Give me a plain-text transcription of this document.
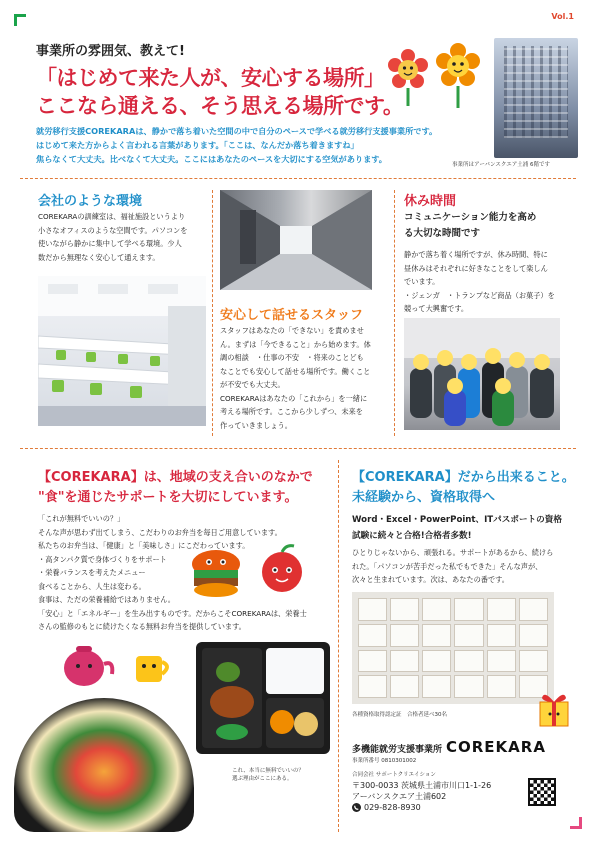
Vol.1
事業所の雰囲気、教えて!
「はじめて来た人が、安心する場所」
ここなら通える、そう思える場所です。

就労移行支援COREKARAは、静かで落ち着いた空間の中で自分のペースで学べる就労移行支援事業所です。

はじめて来た方からよく言われる言葉があります。「ここは、なんだか落ち着きますね」

焦らなくて大丈夫。比べなくて大丈夫。ここにはあなたのペースを大切にする空気があります。

事業所はアーバンスクエア土浦 6階です
会社のような環境

COREKARAの訓練室は、福祉施設というより

小さなオフィスのような空間です。パソコンを

使いながら静かに集中して学べる環境。少人

数だから無理なく安心して通えます。

安心して話せるスタッフ

スタッフはあなたの「できない」を責めませ

ん。まずは「今できること」から始めます。体

調の相談　・仕事の不安　・将来のことども

なことでも安心して話せる場所です。働くこと

が不安でも大丈夫。

COREKARAはあなたの「これから」を一緒に

考える場所です。ここから少しずつ、未来を

作っていきましょう。

休み時間
コミュニケーション能力を高め
る大切な時間です

静かで落ち着く場所ですが、休み時間、特に

昼休みはそれぞれに好きなことをして楽しん

でいます。

・ジェンガ　・トランプなど商品（お菓子）を

競って大興奮です。

【COREKARA】は、地域の支え合いのなかで
"食"を通じたサポートを大切にしています。

「これが無料でいいの？」

そんな声が思わず出てしまう、こだわりのお弁当を毎日ご用意しています。

私たちのお弁当は、「健康」と「美味しさ」にこだわっています。

・高タンパク質で身体づくりをサポート

・栄養バランスを考えたメニュー

食べることから、人生は変わる。

食事は、ただの栄養補給ではありません。

「安心」と「エネルギー」を生み出すものです。だからこそCOREKARAは、栄養士

さんの監修のもとに続けたくなる無料お弁当を提供しています。

これ、本当に無料でいいの？
選ぶ理由がここにある。
【COREKARA】だから出来ること。
未経験から、資格取得へ
Word・Excel・PowerPoint、ITパスポートの資格
試験に続々と合格!合格者多数!

ひとりじゃないから、頑張れる。サポートがあるから、続けら

れた。「パソコンが苦手だった私でもできた」そんな声が、

次々と生まれています。次は、あなたの番です。

各種資格取得認定証　合格者延べ30名
多機能就労支援事業所 COREKARA
事業所番号 0810301002
合同会社 サポートクリエイション
〒300-0033 茨城県土浦市川口1-1-26
アーバンスクエア土浦602
029-828-8930
